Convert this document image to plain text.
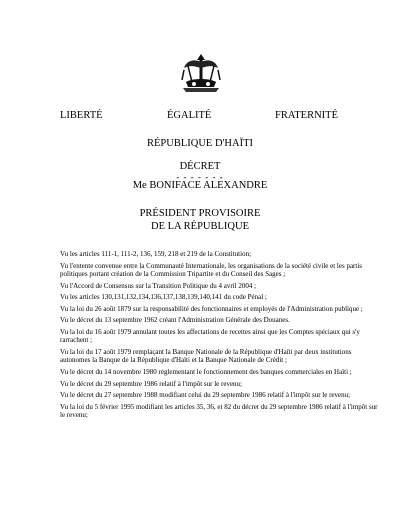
LIBERTÉ	ÉGALITÉ	FRATERNITÉ
RÉPUBLIQUE D'HAÏTI
DÉCRET
- - - - - - -
Me BONIFACE ALEXANDRE
PRÉSIDENT PROVISOIRE
DE LA RÉPUBLIQUE

Vu les articles 111-1, 111-2, 136, 159, 218 et 219 de la Constitution;

Vu l'entente convenue entre la Communauté Internationale, les organisations de la société civile et les partis politiques portant création de la Commission Tripartite et du Conseil des Sages ;

Vu l'Accord de Consensus sur la Transition Politique du 4 avril 2004 ;

Vu les articles 130,131,132,134,136,137,138,139,140,141 du code Pénal ;

Vu la loi du 26 août 1879 sur la responsabilité des fonctionnaires et employés de l'Administration publique ;

Vu le décret du 13 septembre 1962 créant l'Administration Générale des Douanes.

Vu la loi du 16 août 1979 annulant toutes les affectations de recettes ainsi que les Comptes spéciaux qui s'y rarrachent ;

Vu la loi du 17 août 1979 remplaçant la Banque Nationale de la République d'Haïti par deux institutions autonomes la Banque de la République d'Haïti et la Banque Nationale de Crédit ;

Vu le décret du 14 novembre 1980 réglementant le fonctionnement des banques commerciales en Haïti ;

Vu le décret du 29 septembre 1986 relatif à l'impôt sur le revenu;

Vu le décret du 27 septembre 1988 modifiant celui du 29 septembre 1986 relatif à l'impôt sur le revenu;

Vu la loi du 5 février 1995 modifiant les articles 35, 36, et 82 du décret du 29 septembre 1986 relatif à l'impôt sur le revenu;
